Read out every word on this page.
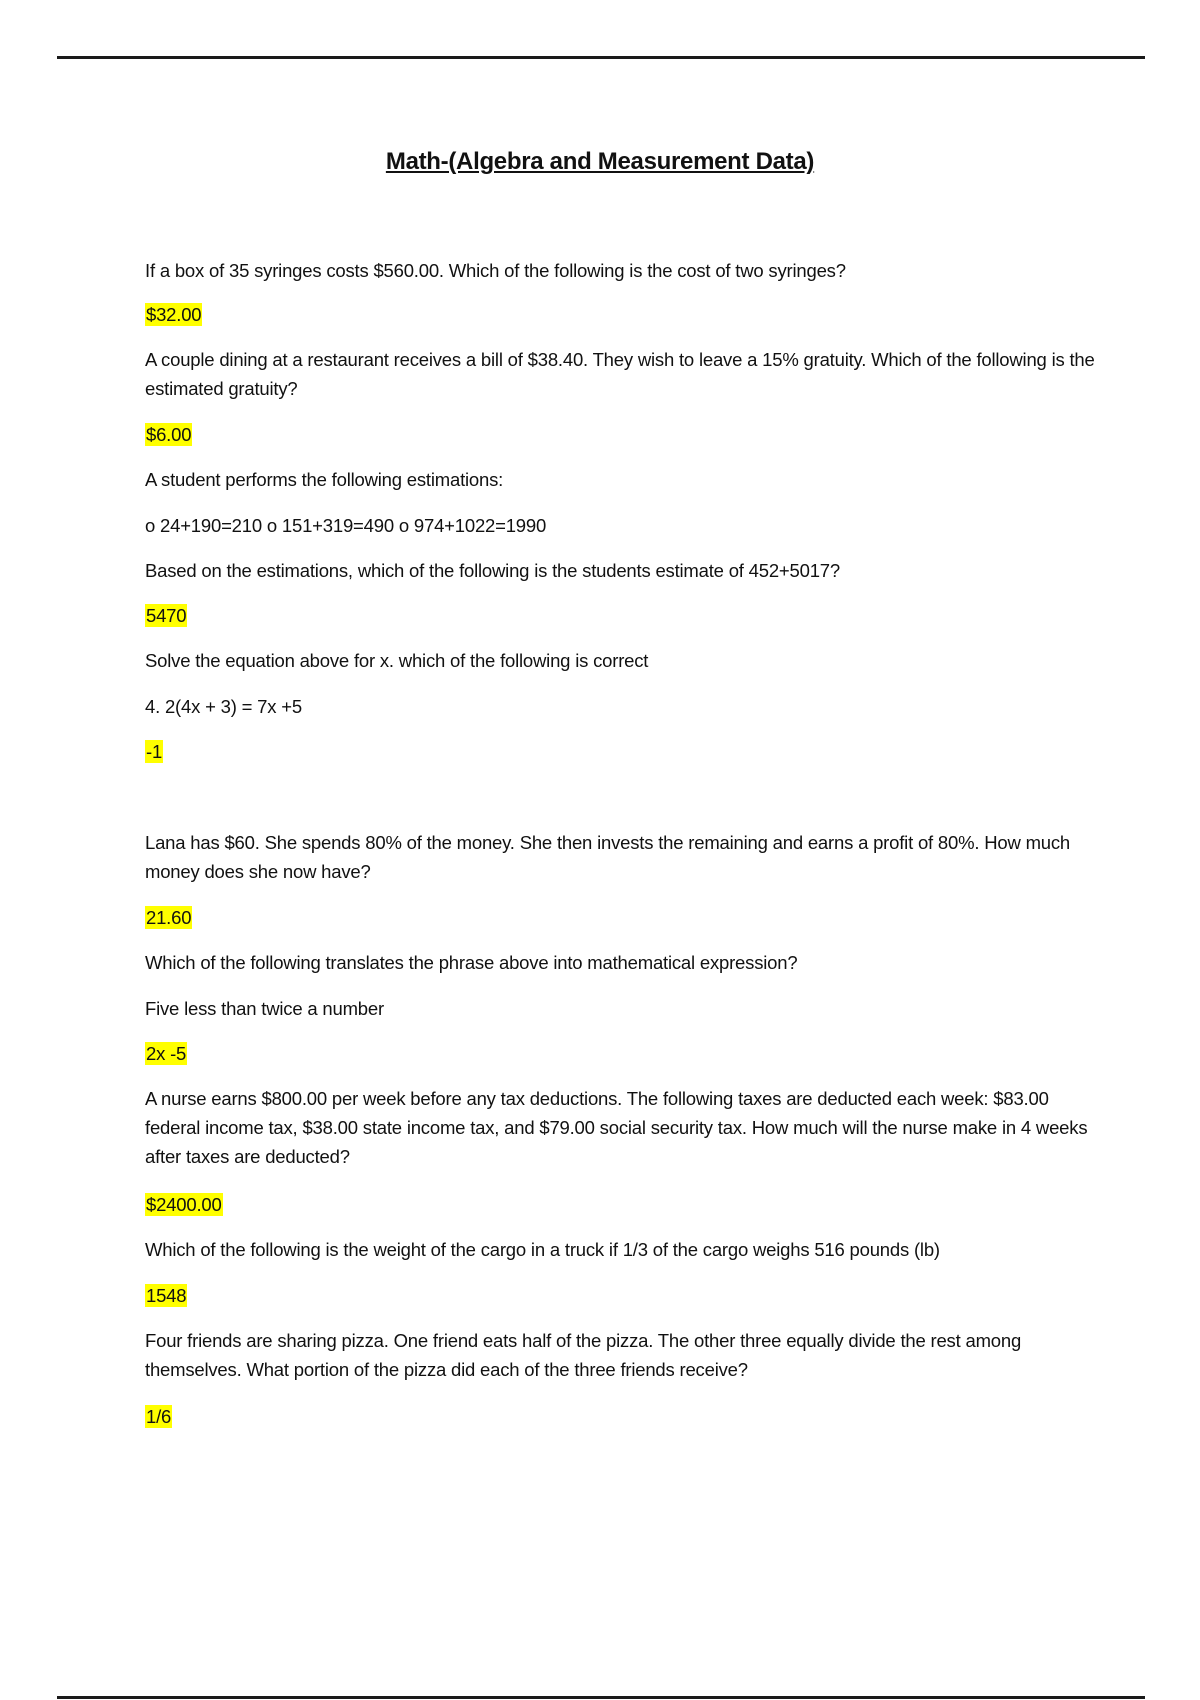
Math-(Algebra and Measurement Data)
If a box of 35 syringes costs $560.00. Which of the following is the cost of two syringes?
$32.00
A couple dining at a restaurant receives a bill of $38.40. They wish to leave a 15% gratuity. Which of the following is the estimated gratuity?
$6.00
A student performs the following estimations:
o 24+190=210 o 151+319=490 o 974+1022=1990
Based on the estimations, which of the following is the students estimate of 452+5017?
5470
Solve the equation above for x. which of the following is correct
4. 2(4x + 3) = 7x +5
-1
Lana has $60. She spends 80% of the money. She then invests the remaining and earns a profit of 80%. How much money does she now have?
21.60
Which of the following translates the phrase above into mathematical expression?
Five less than twice a number
2x -5
A nurse earns $800.00 per week before any tax deductions. The following taxes are deducted each week: $83.00 federal income tax, $38.00 state income tax, and $79.00 social security tax. How much will the nurse make in 4 weeks after taxes are deducted?
$2400.00
Which of the following is the weight of the cargo in a truck if 1/3 of the cargo weighs 516 pounds (lb)
1548
Four friends are sharing pizza. One friend eats half of the pizza. The other three equally divide the rest among themselves. What portion of the pizza did each of the three friends receive?
1/6
